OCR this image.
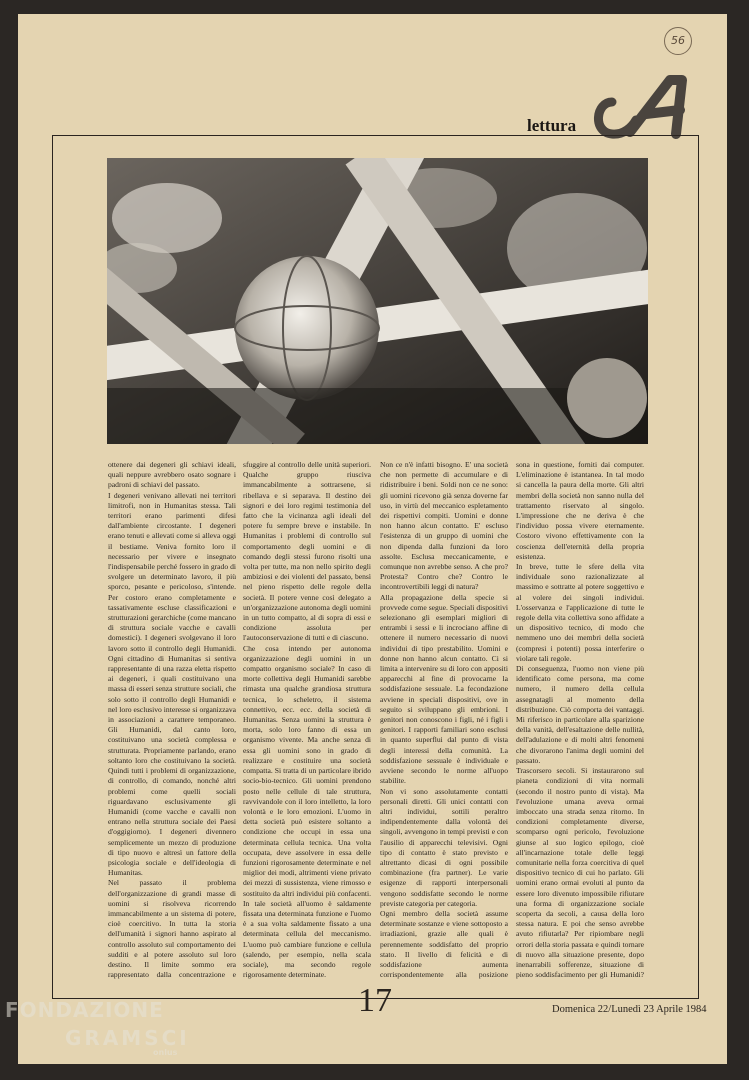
56
lettura
A

ottenere dai degeneri gli schiavi ideali, quali neppure avrebbero osato sognare i padroni di schiavi del passato.
I degeneri venivano allevati nei territori limitrofi, non in Humanitas stessa. Tali territori erano parimenti difesi dall'ambiente circostante. I degeneri erano tenuti e allevati come si alleva oggi il bestiame. Veniva fornito loro il necessario per vivere e insegnato l'indispensabile perché fossero in grado di svolgere un determinato lavoro, il più sporco, pesante e pericoloso, s'intende. Per costoro erano completamente e tassativamente escluse classificazioni e strutturazioni gerarchiche (come mancano di struttura sociale vacche e cavalli domestici). I degeneri svolgevano il loro lavoro sotto il controllo degli Humanidi. Ogni cittadino di Humanitas si sentiva rappresentante di una razza eletta rispetto ai degeneri, i quali costituivano una massa di esseri senza strutture sociali, che solo sotto il controllo degli Humanidi e nel loro esclusivo interesse si organizzava in associazioni a carattere temporaneo. Gli Humanidi, dal canto loro, costituivano una società complessa e strutturata. Propriamente parlando, erano soltanto loro che costituivano la società. Quindi tutti i problemi di organizzazione, di controllo, di comando, nonché altri problemi come quelli sociali riguardavano esclusivamente gli Humanidi (come vacche e cavalli non entrano nella struttura sociale dei Paesi d'oggigiorno). I degeneri divennero semplicemente un mezzo di produzione di tipo nuovo e altresì un fattore della psicologia sociale e dell'ideologia di Humanitas.
Nel passato il problema dell'organizzazione di grandi masse di uomini si risolveva ricorrendo immancabilmente a un sistema di potere, cioè coercitivo. In tutta la storia dell'umanità i signori hanno aspirato al controllo assoluto sul comportamento dei sudditi e al potere assoluto sul loro destino. Il limite sommo era rappresentato dalla concentrazione e

sfuggire al controllo delle unità superiori. Qualche gruppo riusciva immancabilmente a sottrarsene, si ribellava e si separava. Il destino dei signori e dei loro regimi testimonia del fatto che la vicinanza agli ideali del potere fu sempre breve e instabile. In Humanitas i problemi di controllo sul comportamento degli uomini e di comando degli stessi furono risolti una volta per tutte, ma non nello spirito degli ambiziosi e dei violenti del passato, bensì nel pieno rispetto delle regole della società. Il potere venne così delegato a un'organizzazione autonoma degli uomini in un tutto compatto, al di sopra di essi e condizione assoluta per l'autoconservazione di tutti e di ciascuno.
Che cosa intendo per autonoma organizzazione degli uomini in un compatto organismo sociale? In caso di morte collettiva degli Humanidi sarebbe rimasta una qualche grandiosa struttura tecnica, lo scheletro, il sistema connettivo, ecc. ecc. della società di Humanitas. Senza uomini la struttura è morta, solo loro fanno di essa un organismo vivente. Ma anche senza di essa gli uomini sono in grado di realizzare e costituire una società compatta. Si tratta di un particolare ibrido socio-bio-tecnico. Gli uomini prendono posto nelle cellule di tale struttura, ravvivandole con il loro intelletto, la loro volontà e le loro emozioni. L'uomo in detta società può esistere soltanto a condizione che occupi in essa una determinata cellula tecnica. Una volta occupata, deve assolvere in essa delle funzioni rigorosamente determinate e nel miglior dei modi, altrimenti viene privato dei mezzi di sussistenza, viene rimosso e sostituito da altri individui più confacenti. In tale società all'uomo è saldamente fissata una determinata funzione e l'uomo è a sua volta saldamente fissato a una determinata cellula del meccanismo. L'uomo può cambiare funzione e cellula (salendo, per esempio, nella scala sociale), ma secondo regole rigorosamente determinate.

Non ce n'è infatti bisogno. E' una società che non permette di accumulare e di ridistribuire i beni. Soldi non ce ne sono: gli uomini ricevono già senza doverne far uso, in virtù del meccanico espletamento dei rispettivi compiti. Uomini e donne non hanno alcun contatto. E' escluso l'esistenza di un gruppo di uomini che non dipenda dalla funzioni da loro assolte. Esclusa meccanicamente, e comunque non avrebbe senso. A che pro? Protesta? Contro che? Contro le incontrovertibili leggi di natura?
Alla propagazione della specie si provvede come segue. Speciali dispositivi selezionano gli esemplari migliori di entrambi i sessi e li incrociano affine di ottenere il numero necessario di nuovi individui di tipo prestabilito. Uomini e donne non hanno alcun contatto. Ci si limita a intervenire su di loro con appositi apparecchi al fine di provocarne la soddisfazione sessuale. La fecondazione avviene in speciali dispositivi, ove in seguito si sviluppano gli embrioni. I genitori non conoscono i figli, né i figli i genitori. I rapporti familiari sono esclusi in quanto superflui dal punto di vista degli interessi della comunità. La soddisfazione sessuale è individuale e avviene secondo le norme all'uopo stabilite.
Non vi sono assolutamente contatti personali diretti. Gli unici contatti con altri individui, sottili peraltro indipendentemente dalla volontà dei singoli, avvengono in tempi previsti e con l'ausilio di apparecchi televisivi. Ogni tipo di contatto è stato previsto e altrettanto dicasi di ogni possibile combinazione (fra partner). Le varie esigenze di rapporti interpersonali vengono soddisfatte secondo le norme previste categoria per categoria.
Ogni membro della società assume determinate sostanze e viene sottoposto a irradiazioni, grazie alle quali è perennemente soddisfatto del proprio stato. Il livello di felicità e di soddisfazione aumenta corrispondentemente alla posizione

sona in questione, forniti dai computer. L'eliminazione è istantanea. In tal modo si cancella la paura della morte. Gli altri membri della società non sanno nulla del trattamento riservato al singolo. L'impressione che ne deriva è che l'individuo possa vivere eternamente. Costoro vivono effettivamente con la coscienza dell'eternità della propria esistenza.
In breve, tutte le sfere della vita individuale sono razionalizzate al massimo e sottratte al potere soggettivo e al volere dei singoli individui. L'osservanza e l'applicazione di tutte le regole della vita collettiva sono affidate a un dispositivo tecnico, di modo che nemmeno uno dei membri della società (compresi i potenti) possa interferire o violare tali regole.
Di conseguenza, l'uomo non viene più identificato come persona, ma come numero, il numero della cellula assegnatagli al momento della distribuzione. Ciò comporta dei vantaggi. Mi riferisco in particolare alla sparizione della vanità, dell'esaltazione delle nullità, dell'adulazione e di molti altri fenomeni che divorarono l'anima degli uomini del passato.
Trascorsero secoli. Si instaurarono sul pianeta condizioni di vita normali (secondo il nostro punto di vista). Ma l'evoluzione umana aveva ormai imboccato una strada senza ritorno. In condizioni completamente diverse, scomparso ogni pericolo, l'evoluzione giunse al suo logico epilogo, cioè all'incarnazione totale delle leggi comunitarie nella forza coercitiva di quel dispositivo tecnico di cui ho parlato. Gli uomini erano ormai evoluti al punto da essere loro divenuto impossibile rifiutare una forma di organizzazione sociale scoperta da secoli, a causa della loro stessa natura. E poi che senso avrebbe avuto rifiutarla? Per ripiombare negli orrori della storia passata e quindi tornare di nuovo alla situazione presente, dopo inenarrabili sofferenze, situazione di pieno soddisfacimento per gli Humanidi?

17	Domenica 22/Lunedì 23 Aprile 1984
FONDAZIONE
GRAMSCI
onlus
